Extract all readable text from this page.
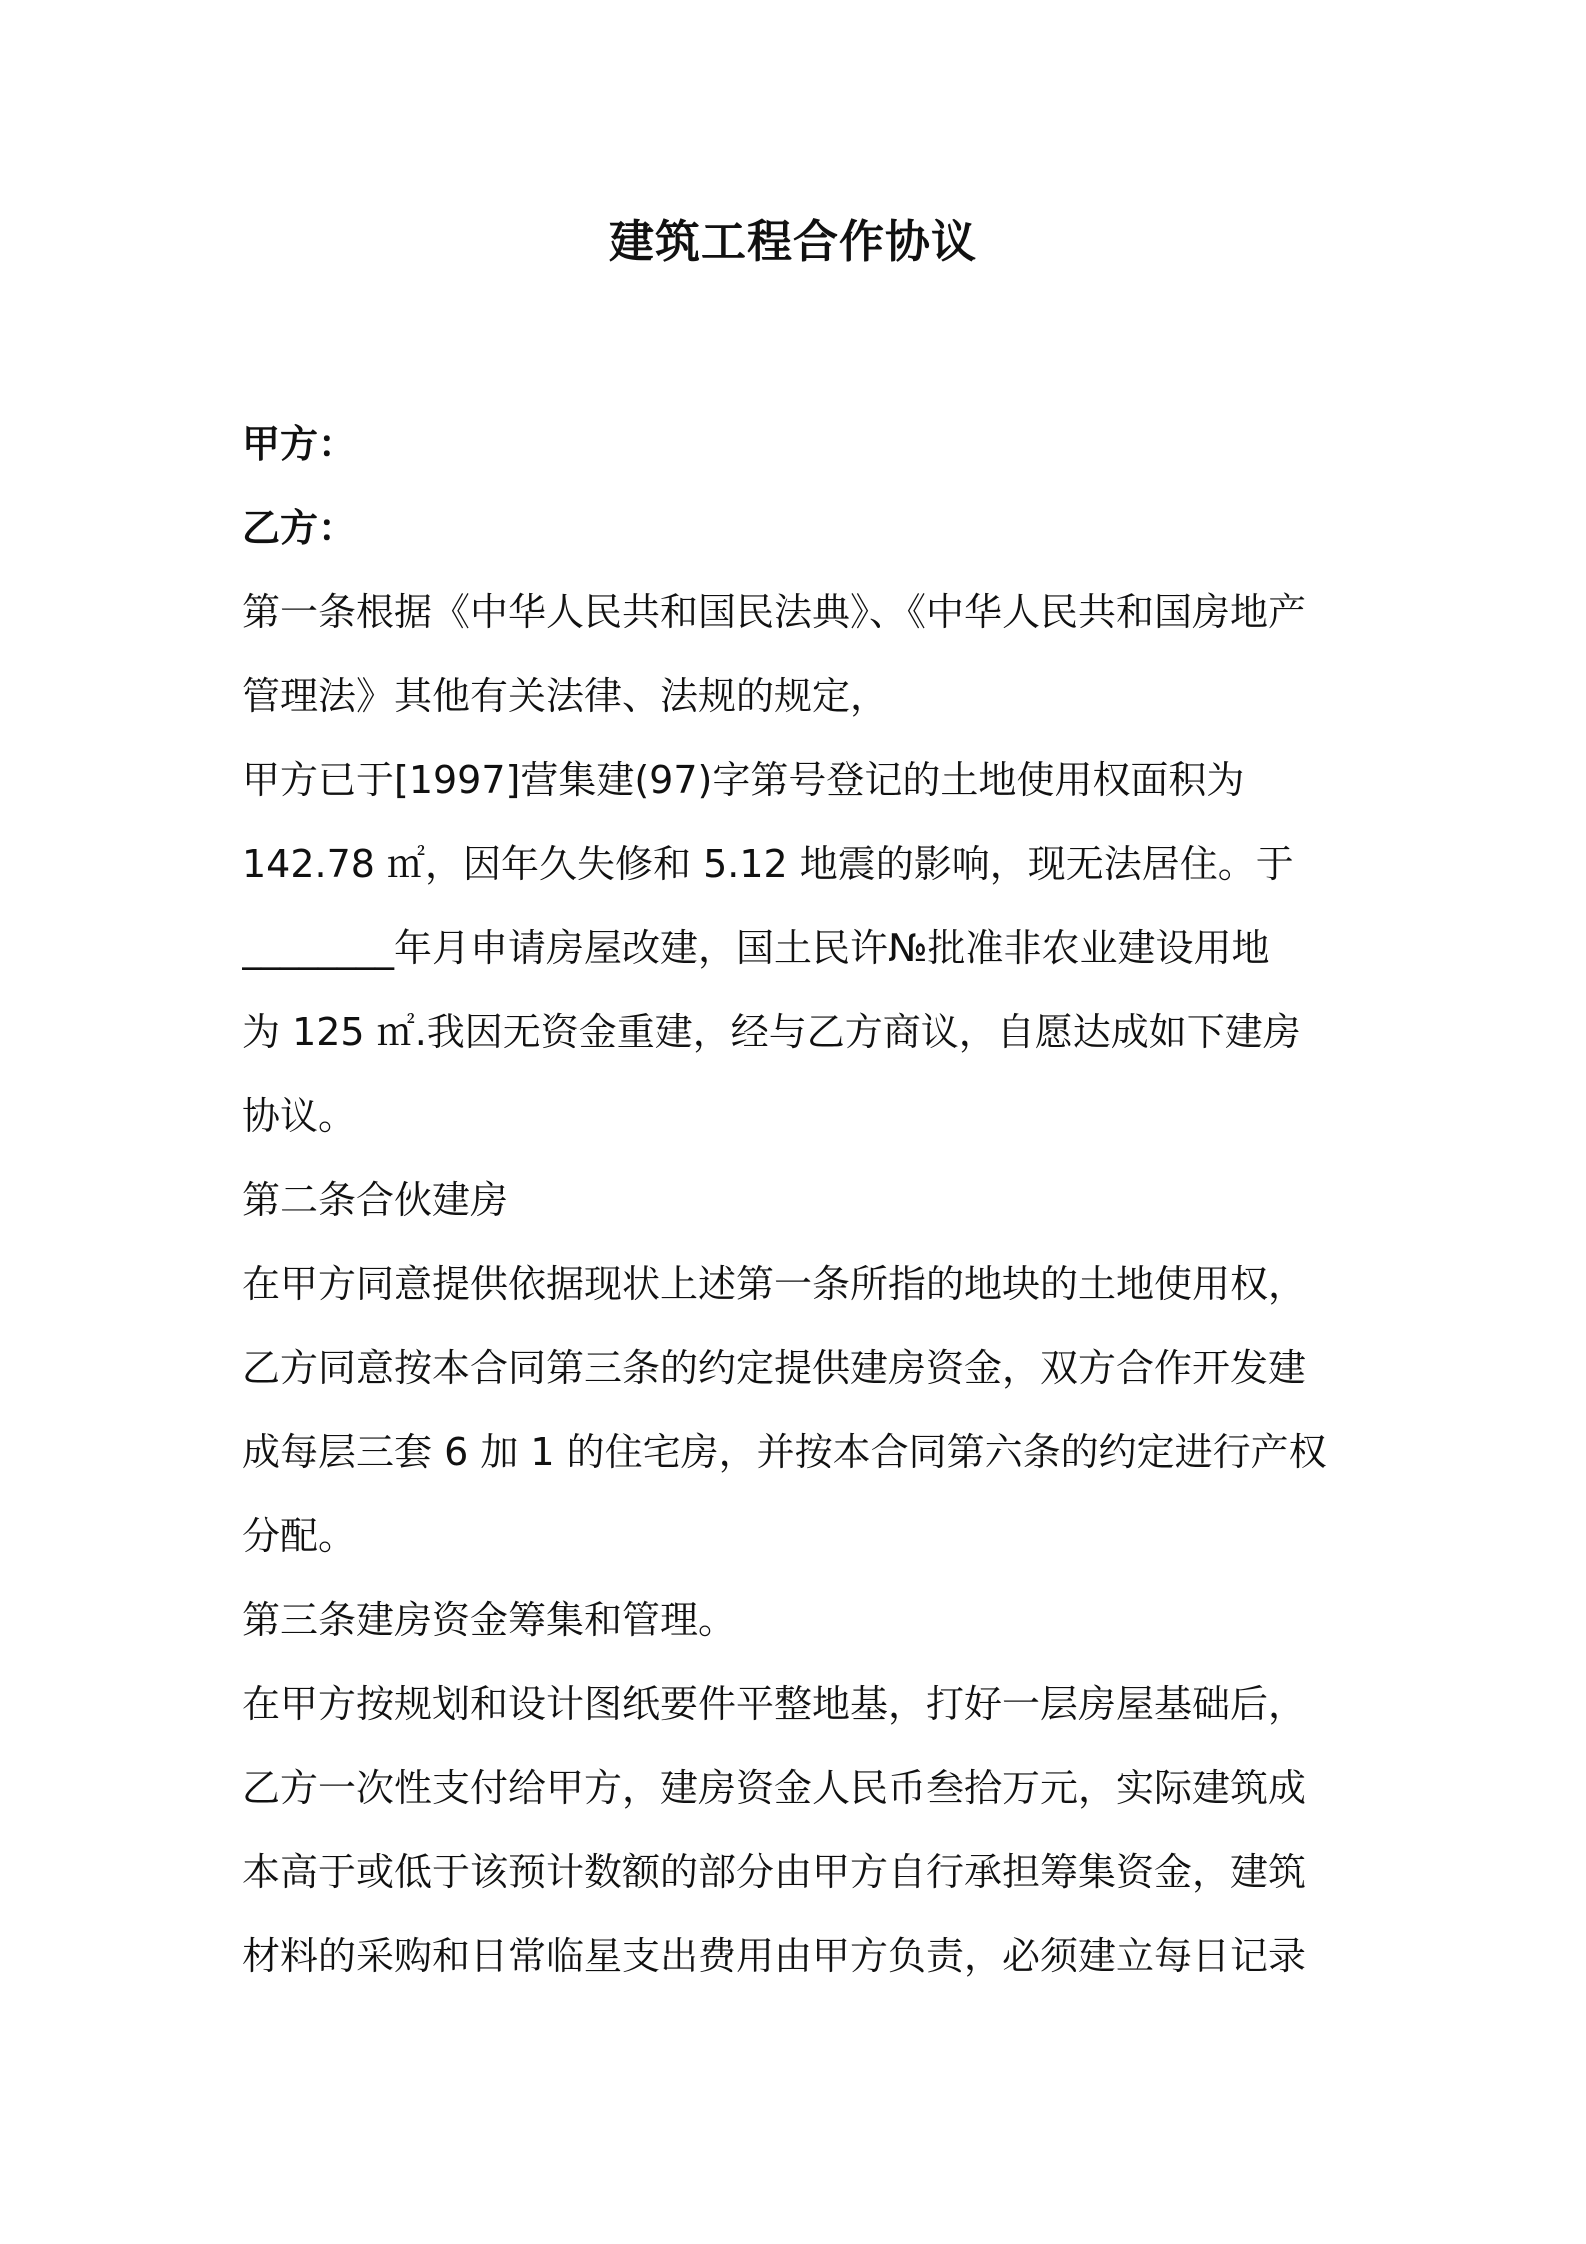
建筑工程合作协议
甲方：
乙方：
第一条根据《中华人民共和国民法典》、《中华人民共和国房地产
管理法》其他有关法律、法规的规定，
甲方已于[1997]营集建(97)字第号登记的土地使用权面积为
142.78 ㎡，因年久失修和 5.12 地震的影响，现无法居住。于
________年月申请房屋改建，国土民许№批准非农业建设用地
为 125 ㎡.我因无资金重建，经与乙方商议，自愿达成如下建房
协议。
第二条合伙建房
在甲方同意提供依据现状上述第一条所指的地块的土地使用权，
乙方同意按本合同第三条的约定提供建房资金，双方合作开发建
成每层三套 6 加 1 的住宅房，并按本合同第六条的约定进行产权
分配。
第三条建房资金筹集和管理。
在甲方按规划和设计图纸要件平整地基，打好一层房屋基础后，
乙方一次性支付给甲方，建房资金人民币叁拾万元，实际建筑成
本高于或低于该预计数额的部分由甲方自行承担筹集资金，建筑
材料的采购和日常临星支出费用由甲方负责，必须建立每日记录
